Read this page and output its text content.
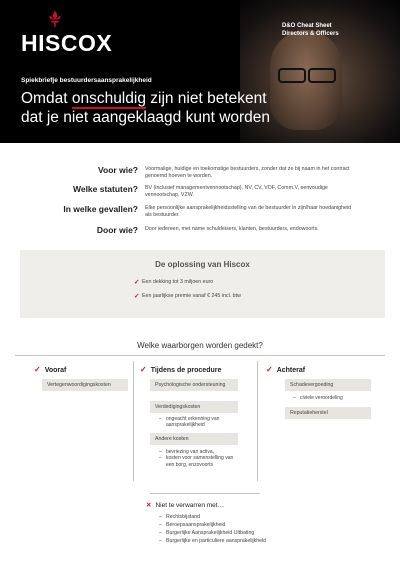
HISCOX
D&O Cheat Sheet
Directors & Officers
Spiekbriefje bestuurdersaansprakelijkheid
Omdat onschuldig zijn niet betekent
dat je niet aangeklaagd kunt worden
Voor wie? Voormalige, huidige en toekomstige bestuurders, zonder dat ze bij naam in het contract genoemd hoeven te worden.
Welke statuten? BV (inclusief managementvennootschap), NV, CV, VOF, Comm.V, eenvoudige vennootschap, VZW.
In welke gevallen? Elke persoonlijke aansprakelijkheidsstelling van de bestuurder in zijn/haar hoedanigheid als bestuurder.
Door wie? Door iedereen, met name schuldeisers, klanten, bestuurders, endowoorts.
De oplossing van Hiscox
✓ Een dekking tot 3 miljoen euro
✓ Een jaarlijkse premie vanaf € 245 incl. btw
Welke waarborgen worden gedekt?
✓ Vooraf
Vertegenwoordigingskosten
✓ Tijdens de procedure
Psychologische ondersteuning
Verdedigingskosten
– ongeacht erkenning van
aansprakelijkheid
Andere kosten
– bevriezing van activa,

– kosten voor samenstelling van
een borg, enzovoorts
✓ Achteraf
Schadevergoeding
– civiele veroordeling
Reputatieherstel
✕ Niet te verwarren met…
– Rechtsbijstand
– Beroepsaansprakelijkheid
– Burgerlijke Aansprakelijkheid Uitbating
– Burgerlijke en particuliere aansprakelijkheid
